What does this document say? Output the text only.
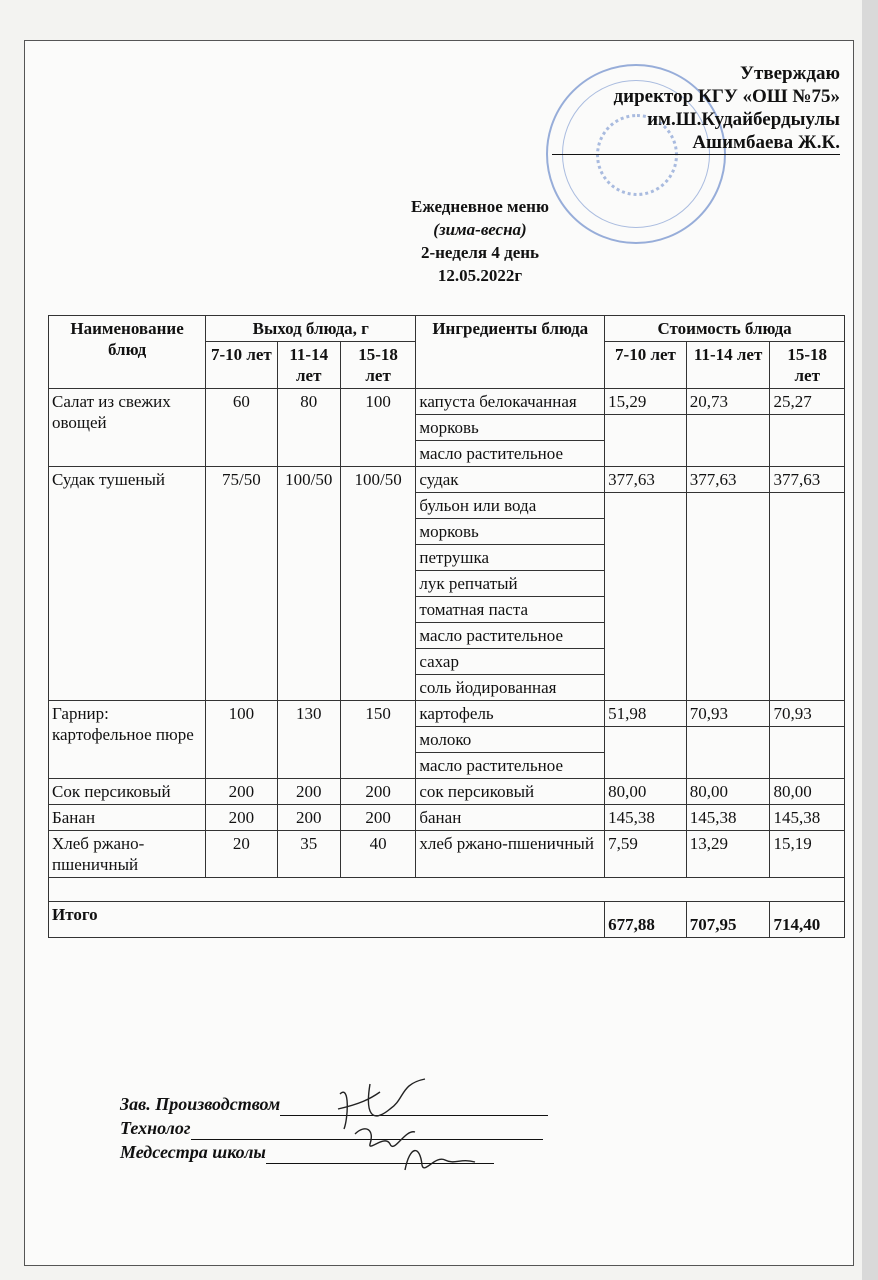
Утверждаю
директор КГУ «ОШ №75»
им.Ш.Кудайбердыулы
Ашимбаева Ж.К.
Ежедневное меню
(зима-весна)
2-неделя 4 день
12.05.2022г
Наименование блюд	Выход блюда, г			Ингредиенты блюда	Стоимость блюда		
	7-10 лет	11-14 лет	15-18 лет				
					7-10 лет	11-14 лет	15-18 лет
Салат из свежих овощей	60	80	100	капуста белокачанная	15,29	20,73	25,27
				морковь			
				масло растительное			
Судак тушеный	75/50	100/50	100/50	судак	377,63	377,63	377,63
				бульон или вода			
				морковь			
				петрушка			
				лук репчатый			
				томатная паста			
				масло растительное			
				сахар			
				соль йодированная			
Гарнир: картофельное пюре	100	130	150	картофель	51,98	70,93	70,93
				молоко			
				масло растительное			
Сок персиковый	200	200	200	сок персиковый	80,00	80,00	80,00
Банан	200	200	200	банан	145,38	145,38	145,38
Хлеб ржано-пшеничный	20	35	40	хлеб ржано-пшеничный	7,59	13,29	15,19

Итого					677,88	707,95	714,40
Зав. Производством
Технолог
Медсестра школы
